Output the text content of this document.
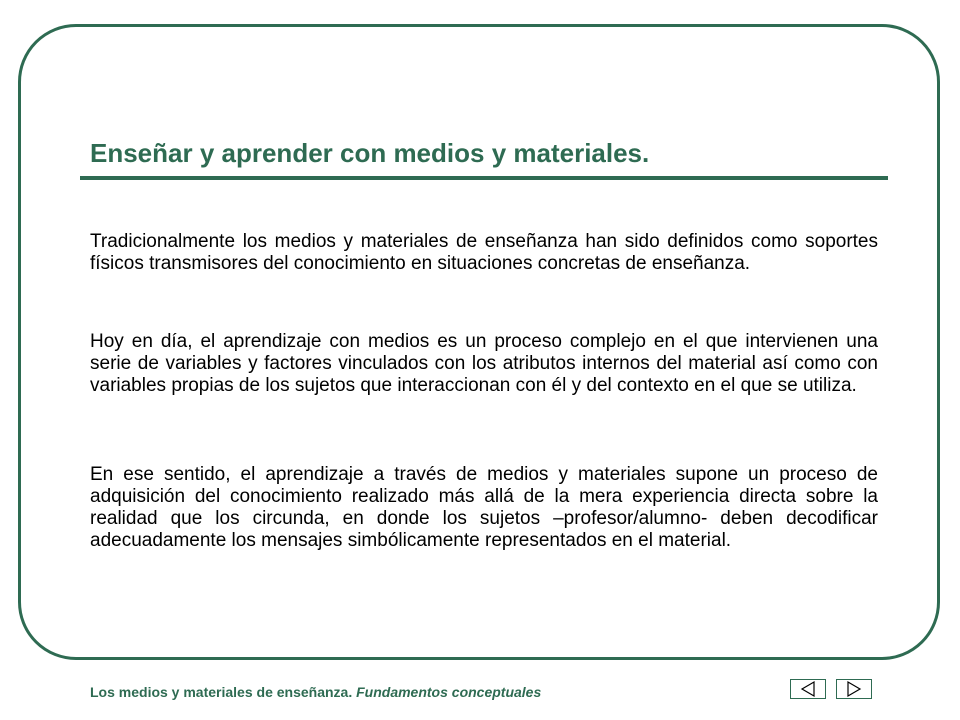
Enseñar y aprender con medios y materiales.

Tradicionalmente los medios y materiales de enseñanza han sido definidos como soportes físicos transmisores del conocimiento en situaciones concretas de enseñanza.

Hoy en día, el aprendizaje con medios es un proceso complejo en el que intervienen una serie de variables y factores vinculados con los atributos internos del material así como con variables propias de los sujetos que interaccionan con él y del contexto en el que se utiliza.

En ese sentido, el aprendizaje a través de medios y materiales supone un proceso de adquisición del conocimiento realizado más allá de la mera experiencia directa sobre la realidad que los circunda, en donde los sujetos –profesor/alumno- deben decodificar adecuadamente los mensajes simbólicamente representados en el material.

Los medios y materiales de enseñanza. Fundamentos conceptuales
